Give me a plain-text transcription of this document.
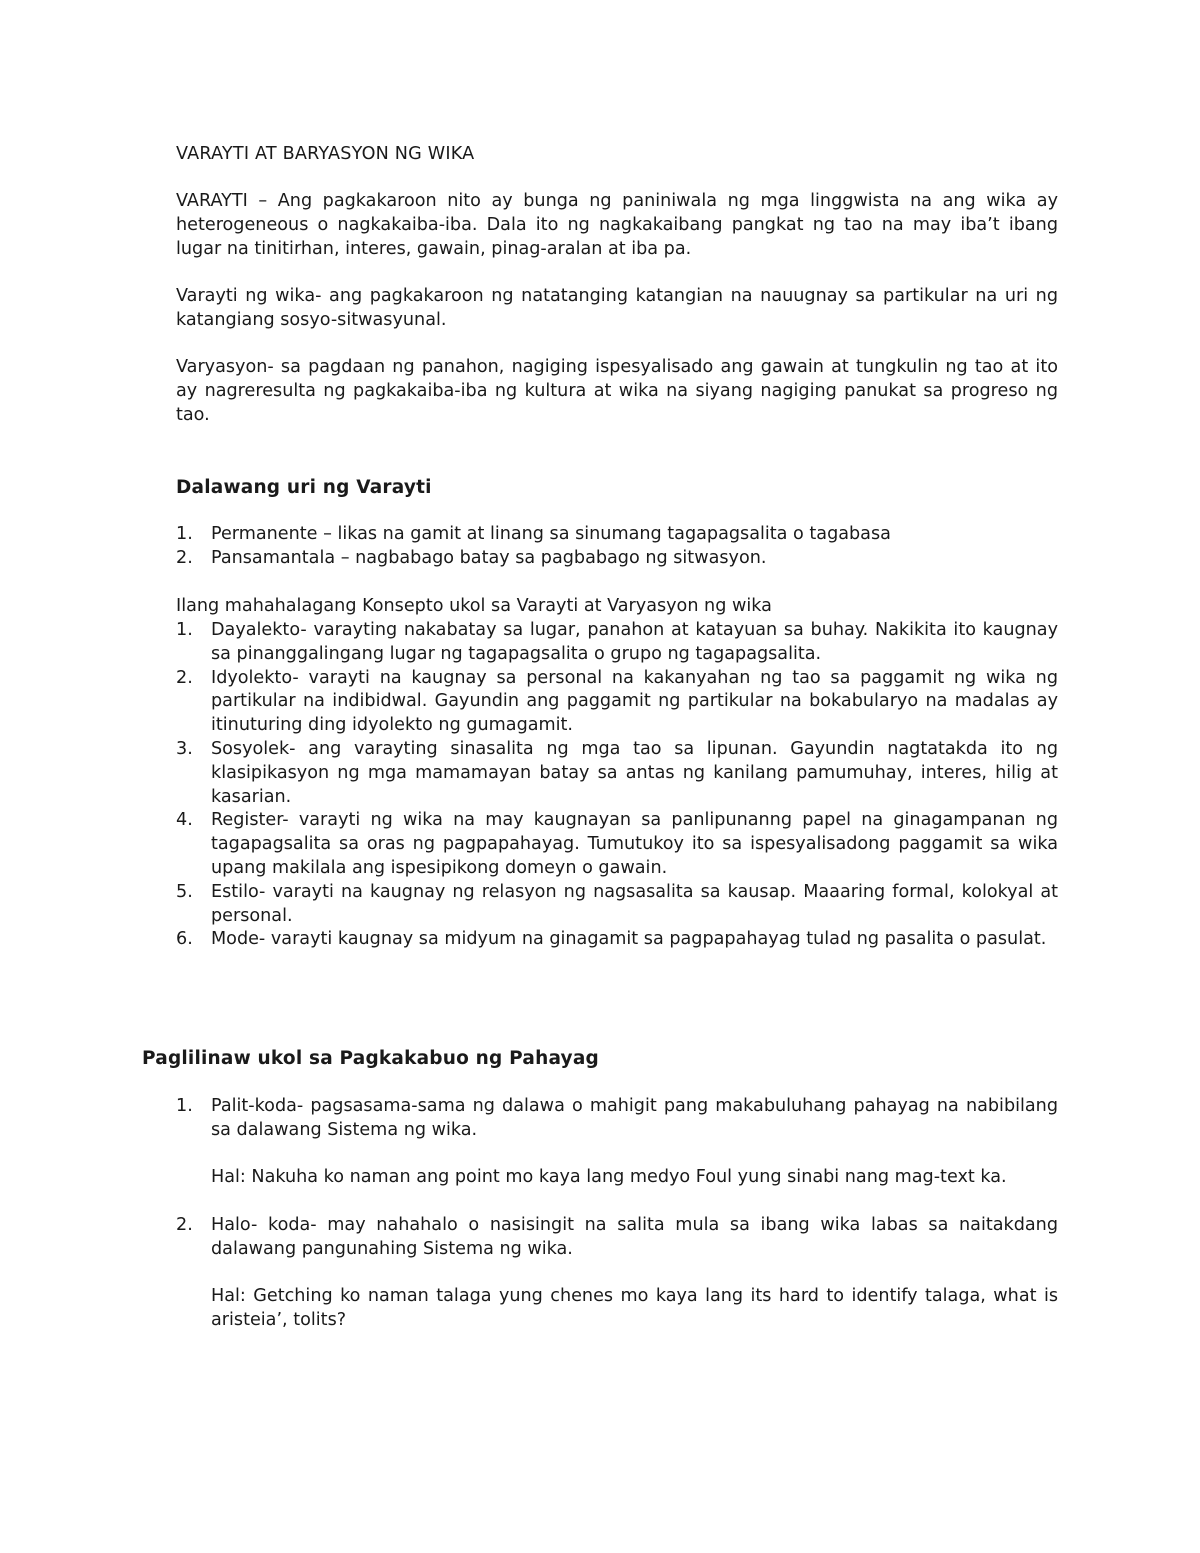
VARAYTI AT BARYASYON NG WIKA

VARAYTI – Ang pagkakaroon nito ay bunga ng paniniwala ng mga linggwista na ang wika ay heterogeneous o nagkakaiba-iba. Dala ito ng nagkakaibang pangkat ng tao na may iba’t ibang lugar na tinitirhan, interes, gawain, pinag-aralan at iba pa.

Varayti ng wika- ang pagkakaroon ng natatanging katangian na nauugnay sa partikular na uri ng katangiang sosyo-sitwasyunal.

Varyasyon- sa pagdaan ng panahon, nagiging ispesyalisado ang gawain at tungkulin ng tao at ito ay nagreresulta ng pagkakaiba-iba ng kultura at wika na siyang nagiging panukat sa progreso ng tao.

Dalawang uri ng Varayti
1. Permanente – likas na gamit at linang sa sinumang tagapagsalita o tagabasa
2. Pansamantala – nagbabago batay sa pagbabago ng sitwasyon.

Ilang mahahalagang Konsepto ukol sa Varayti at Varyasyon ng wika

1. Dayalekto- varayting nakabatay sa lugar, panahon at katayuan sa buhay. Nakikita ito kaugnay sa pinanggalingang lugar ng tagapagsalita o grupo ng tagapagsalita.
2. Idyolekto- varayti na kaugnay sa personal na kakanyahan ng tao sa paggamit ng wika ng partikular na indibidwal. Gayundin ang paggamit ng partikular na bokabularyo na madalas ay itinuturing ding idyolekto ng gumagamit.
3. Sosyolek- ang varayting sinasalita ng mga tao sa lipunan. Gayundin nagtatakda ito ng klasipikasyon ng mga mamamayan batay sa antas ng kanilang pamumuhay, interes, hilig at kasarian.
4. Register- varayti ng wika na may kaugnayan sa panlipunanng papel na ginagampanan ng tagapagsalita sa oras ng pagpapahayag. Tumutukoy ito sa ispesyalisadong paggamit sa wika upang makilala ang ispesipikong domeyn o gawain.
5. Estilo- varayti na kaugnay ng relasyon ng nagsasalita sa kausap. Maaaring formal, kolokyal at personal.
6. Mode- varayti kaugnay sa midyum na ginagamit sa pagpapahayag tulad ng pasalita o pasulat.
Paglilinaw ukol sa Pagkakabuo ng Pahayag
1. Palit-koda- pagsasama-sama ng dalawa o mahigit pang makabuluhang pahayag na nabibilang sa dalawang Sistema ng wika.
Hal: Nakuha ko naman ang point mo kaya lang medyo Foul yung sinabi nang mag-text ka.
2. Halo- koda- may nahahalo o nasisingit na salita mula sa ibang wika labas sa naitakdang dalawang pangunahing Sistema ng wika.
Hal: Getching ko naman talaga yung chenes mo kaya lang its hard to identify talaga, what is aristeia’, tolits?
